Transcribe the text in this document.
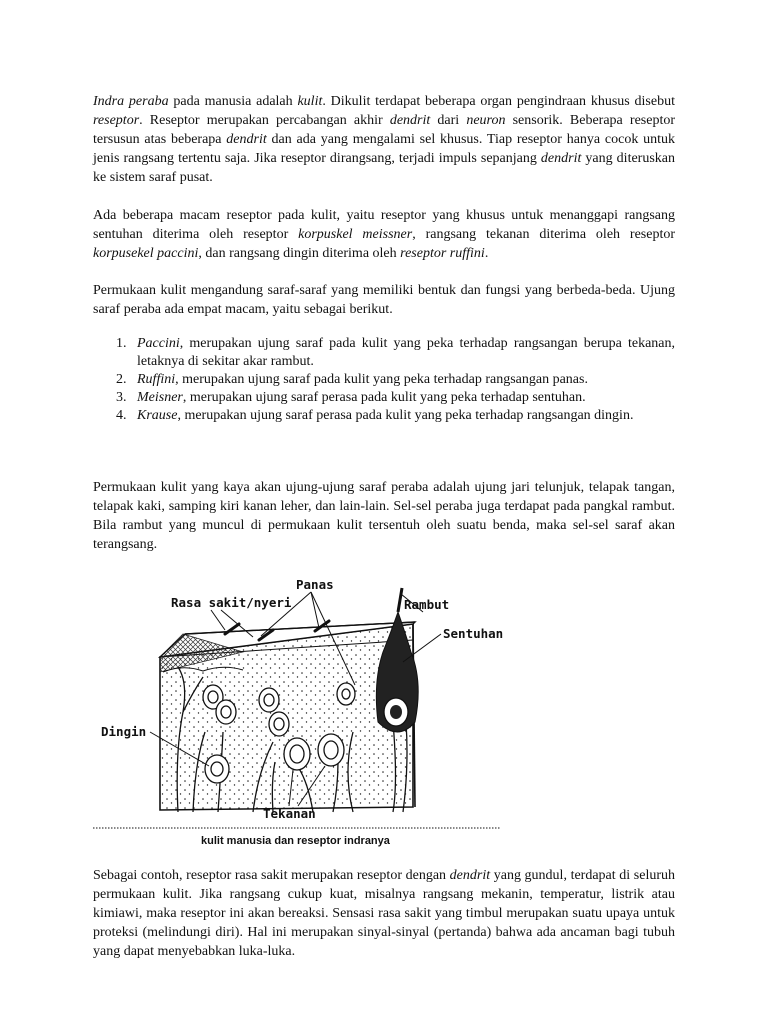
Indra peraba pada manusia adalah kulit. Dikulit terdapat beberapa organ pengindraan khusus disebut reseptor. Reseptor merupakan percabangan akhir dendrit dari neuron sensorik. Beberapa reseptor tersusun atas beberapa dendrit dan ada yang mengalami sel khusus. Tiap reseptor hanya cocok untuk jenis rangsang tertentu saja. Jika reseptor dirangsang, terjadi impuls sepanjang dendrit yang diteruskan ke sistem saraf pusat.

Ada beberapa macam reseptor pada kulit, yaitu reseptor yang khusus untuk menanggapi rangsang sentuhan diterima oleh reseptor korpuskel meissner, rangsang tekanan diterima oleh reseptor korpusekel paccini, dan rangsang dingin diterima oleh reseptor ruffini.

Permukaan kulit mengandung saraf-saraf yang memiliki bentuk dan fungsi yang berbeda-beda. Ujung saraf peraba ada empat macam, yaitu sebagai berikut.

1. Paccini, merupakan ujung saraf pada kulit yang peka terhadap rangsangan berupa tekanan, letaknya di sekitar akar rambut.
2. Ruffini, merupakan ujung saraf pada kulit yang peka terhadap rangsangan panas.
3. Meisner, merupakan ujung saraf perasa pada kulit yang peka terhadap sentuhan.
4. Krause, merupakan ujung saraf perasa pada kulit yang peka terhadap rangsangan dingin.

Permukaan kulit yang kaya akan ujung-ujung saraf peraba adalah ujung jari telunjuk, telapak tangan, telapak kaki, samping kiri kanan leher, dan lain-lain. Sel-sel peraba juga terdapat pada pangkal rambut. Bila rambut yang muncul di permukaan kulit tersentuh oleh suatu benda, maka sel-sel saraf akan terangsang.

Panas
Rasa sakit/nyeri	Rambut
Sentuhan
Dingin
Tekanan
kulit manusia dan reseptor indranya

Sebagai contoh, reseptor rasa sakit merupakan reseptor dengan dendrit yang gundul, terdapat di seluruh permukaan kulit. Jika rangsang cukup kuat, misalnya rangsang mekanin, temperatur, listrik atau kimiawi, maka reseptor ini akan bereaksi. Sensasi rasa sakit yang timbul merupakan suatu upaya untuk proteksi (melindungi diri). Hal ini merupakan sinyal-sinyal (pertanda) bahwa ada ancaman bagi tubuh yang dapat menyebabkan luka-luka.
